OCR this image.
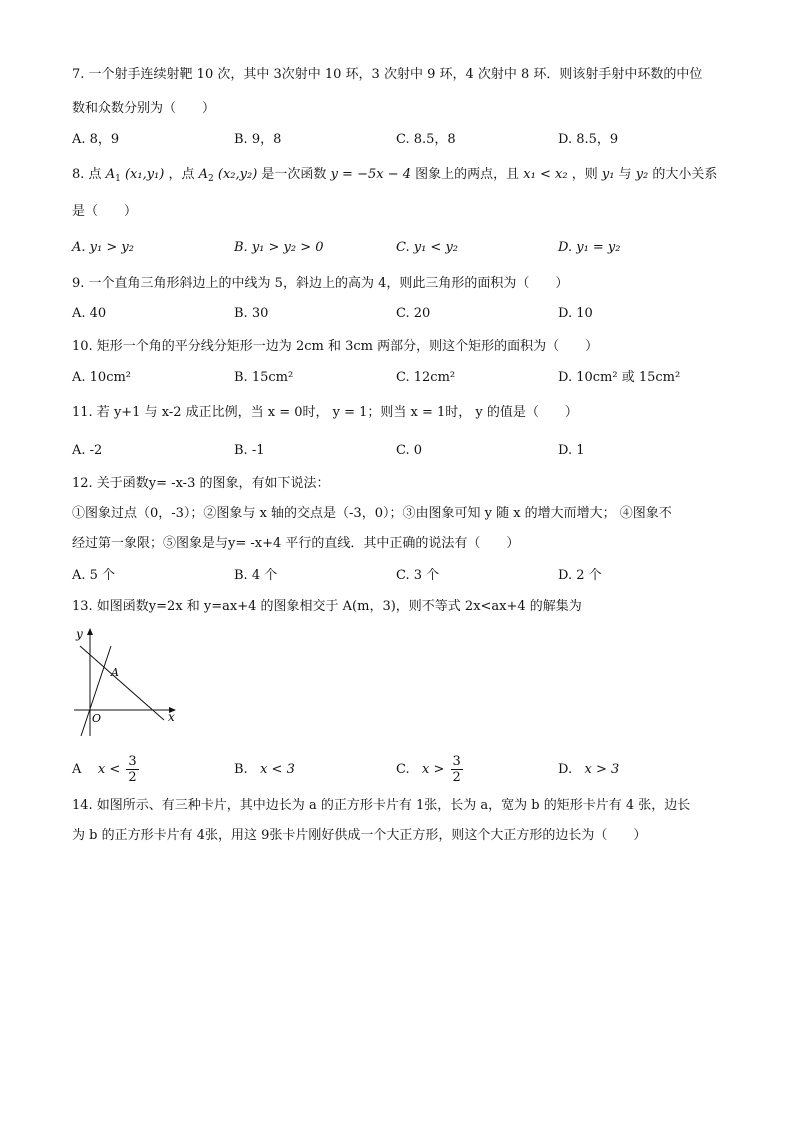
7. 一个射手连续射靶 10 次，其中 3次射中 10 环，3 次射中 9 环，4 次射中 8 环．则该射手射中环数的中位
数和众数分别为（　　）
A. 8，9	B. 9，8	C. 8.5，8	D. 8.5，9
8. 点 $A_1$ (x₁,y₁) ，点 $A_2$ (x₂,y₂) 是一次函数 y = −5x − 4 图象上的两点，且 x₁ < x₂ ，则 y₁ 与 y₂ 的大小关系
是（　　）
A. y₁ > y₂	B. y₁ > y₂ > 0	C. y₁ < y₂	D. y₁ = y₂
9. 一个直角三角形斜边上的中线为 5，斜边上的高为 4，则此三角形的面积为（　　）
A. 40	B. 30	C. 20	D. 10
10. 矩形一个角的平分线分矩形一边为 2cm 和 3cm 两部分，则这个矩形的面积为（　　）
A. 10cm²	B. 15cm²	C. 12cm²	D. 10cm² 或 15cm²
11. 若 y+1 与 x-2 成正比例，当 x = 0时， y = 1；则当 x = 1时， y 的值是（　　）
A. -2	B. -1	C. 0	D. 1
12. 关于函数y= -x-3 的图象，有如下说法：
①图象过点（0，-3）；②图象与 x 轴的交点是（-3，0）；③由图象可知 y 随 x 的增大而增大； ④图象不
经过第一象限；⑤图象是与y= -x+4 平行的直线．其中正确的说法有（　　）
A. 5 个	B. 4 个	C. 3 个	D. 2 个
13. 如图函数y=2x 和 y=ax+4 的图象相交于 A(m，3)，则不等式 2x<ax+4 的解集为
y
x
O
A
A $x < \frac{3}{2}$	B. x < 3	C. $x > \frac{3}{2}$	D. x > 3
14. 如图所示、有三种卡片，其中边长为 a 的正方形卡片有 1张，长为 a，宽为 b 的矩形卡片有 4 张，边长
为 b 的正方形卡片有 4张，用这 9张卡片刚好供成一个大正方形，则这个大正方形的边长为（　　）
